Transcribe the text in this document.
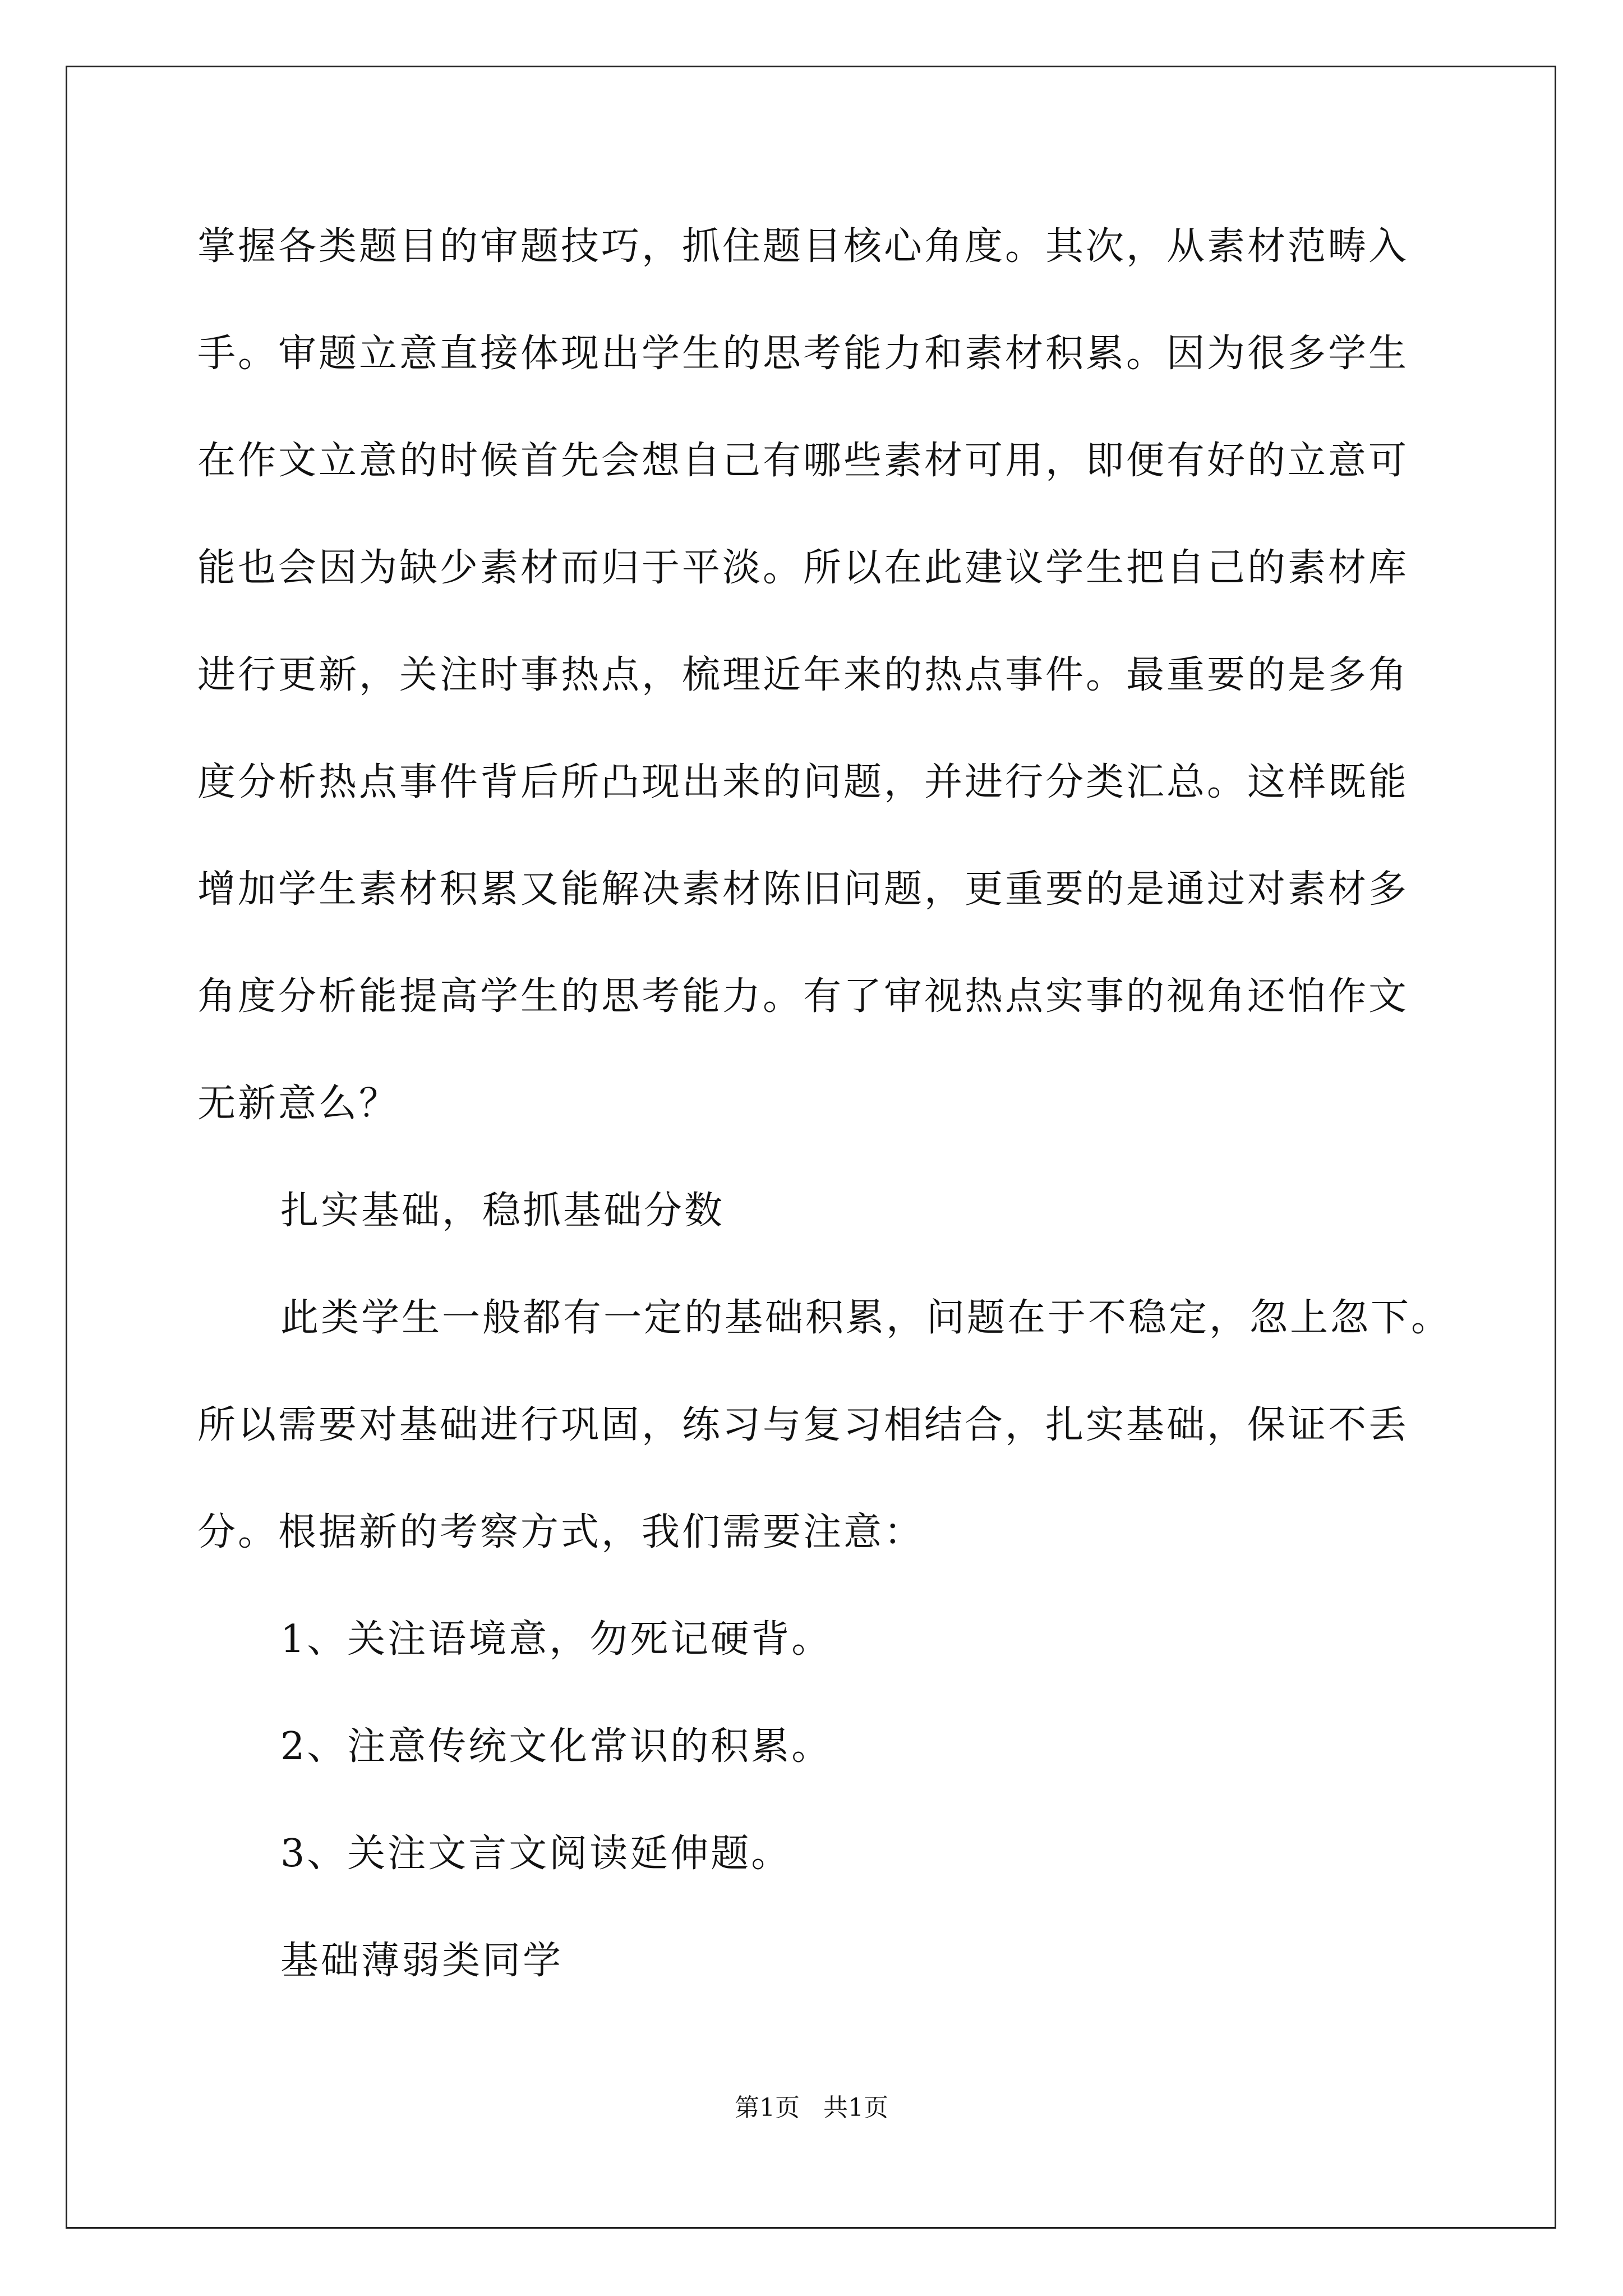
掌握各类题目的审题技巧，抓住题目核心角度。其次，从素材范畴入
手。审题立意直接体现出学生的思考能力和素材积累。因为很多学生
在作文立意的时候首先会想自己有哪些素材可用，即便有好的立意可
能也会因为缺少素材而归于平淡。所以在此建议学生把自己的素材库
进行更新，关注时事热点，梳理近年来的热点事件。最重要的是多角
度分析热点事件背后所凸现出来的问题，并进行分类汇总。这样既能
增加学生素材积累又能解决素材陈旧问题，更重要的是通过对素材多
角度分析能提高学生的思考能力。有了审视热点实事的视角还怕作文
无新意么？
扎实基础，稳抓基础分数
此类学生一般都有一定的基础积累，问题在于不稳定，忽上忽下。
所以需要对基础进行巩固，练习与复习相结合，扎实基础，保证不丢
分。根据新的考察方式，我们需要注意：
1、关注语境意，勿死记硬背。
2、注意传统文化常识的积累。
3、关注文言文阅读延伸题。
基础薄弱类同学
第1页   共1页
